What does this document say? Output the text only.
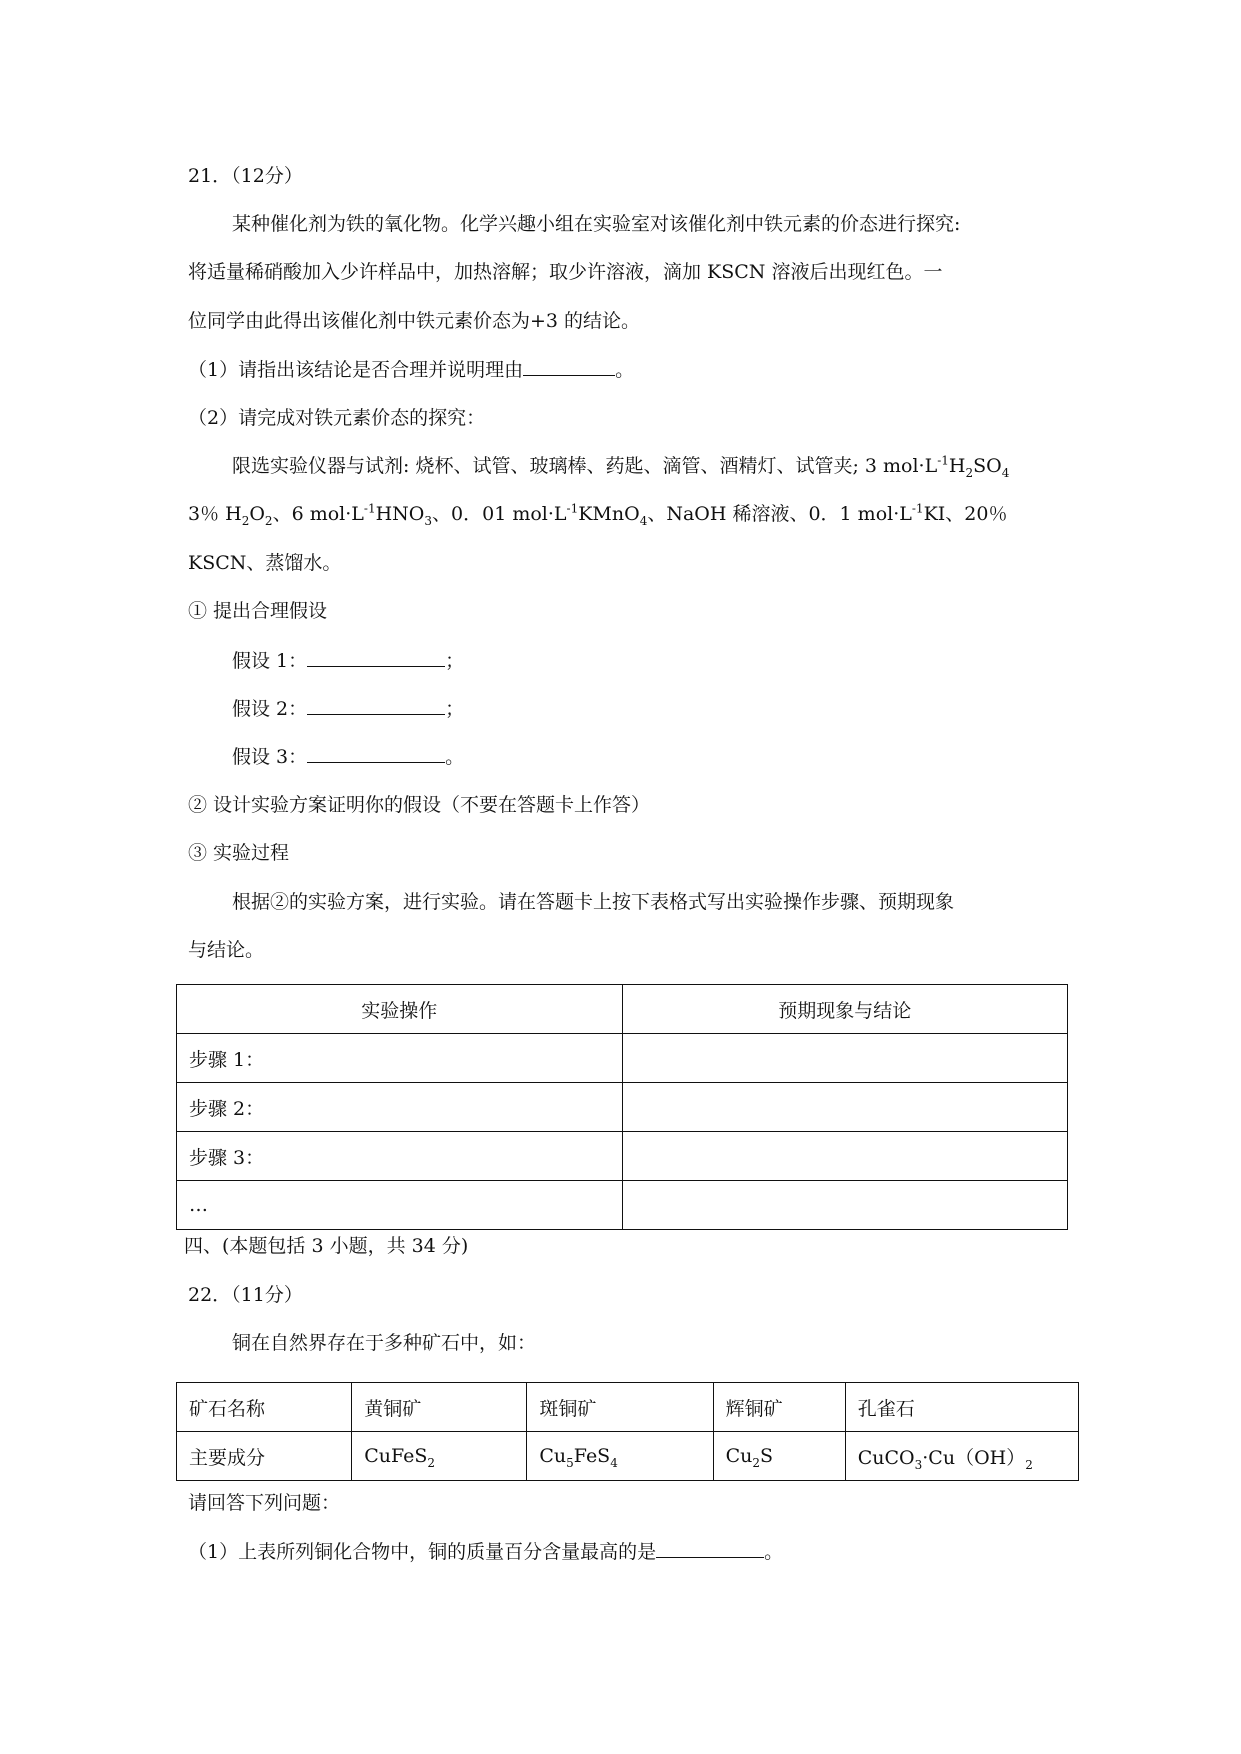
21．（12分）
某种催化剂为铁的氧化物。化学兴趣小组在实验室对该催化剂中铁元素的价态进行探究:
将适量稀硝酸加入少许样品中，加热溶解；取少许溶液，滴加 KSCN 溶液后出现红色。一
位同学由此得出该催化剂中铁元素价态为+3 的结论。
（1）请指出该结论是否合理并说明理由	。
（2）请完成对铁元素价态的探究：
限选实验仪器与试剂: 烧杯、试管、玻璃棒、药匙、滴管、酒精灯、试管夹; 3 $mol\cdot L^{-1}H_2SO_4$
3％ $H_2O_2$、6 $mol\cdot L^{-1}HNO_3$、0．01 $mol\cdot L^{-1}KMnO_4$、NaOH 稀溶液、0．1 $mol\cdot L^{-1}KI$、20％
KSCN、蒸馏水。
① 提出合理假设
假设 1：	；
假设 2：	；
假设 3：	。
② 设计实验方案证明你的假设（不要在答题卡上作答）
③ 实验过程
根据②的实验方案，进行实验。请在答题卡上按下表格式写出实验操作步骤、预期现象
与结论。
实验操作	预期现象与结论
步骤 1：	
步骤 2：	
步骤 3：	
…	
四、(本题包括 3 小题，共 34 分)
22．（11分）
铜在自然界存在于多种矿石中，如：
矿石名称	黄铜矿	斑铜矿	辉铜矿	孔雀石
主要成分	CuFeS$_2$	$Cu_5FeS_4$	$Cu_2S$	$CuCO_3\cdot Cu(OH)_2$
请回答下列问题：
（1）上表所列铜化合物中，铜的质量百分含量最高的是	。
